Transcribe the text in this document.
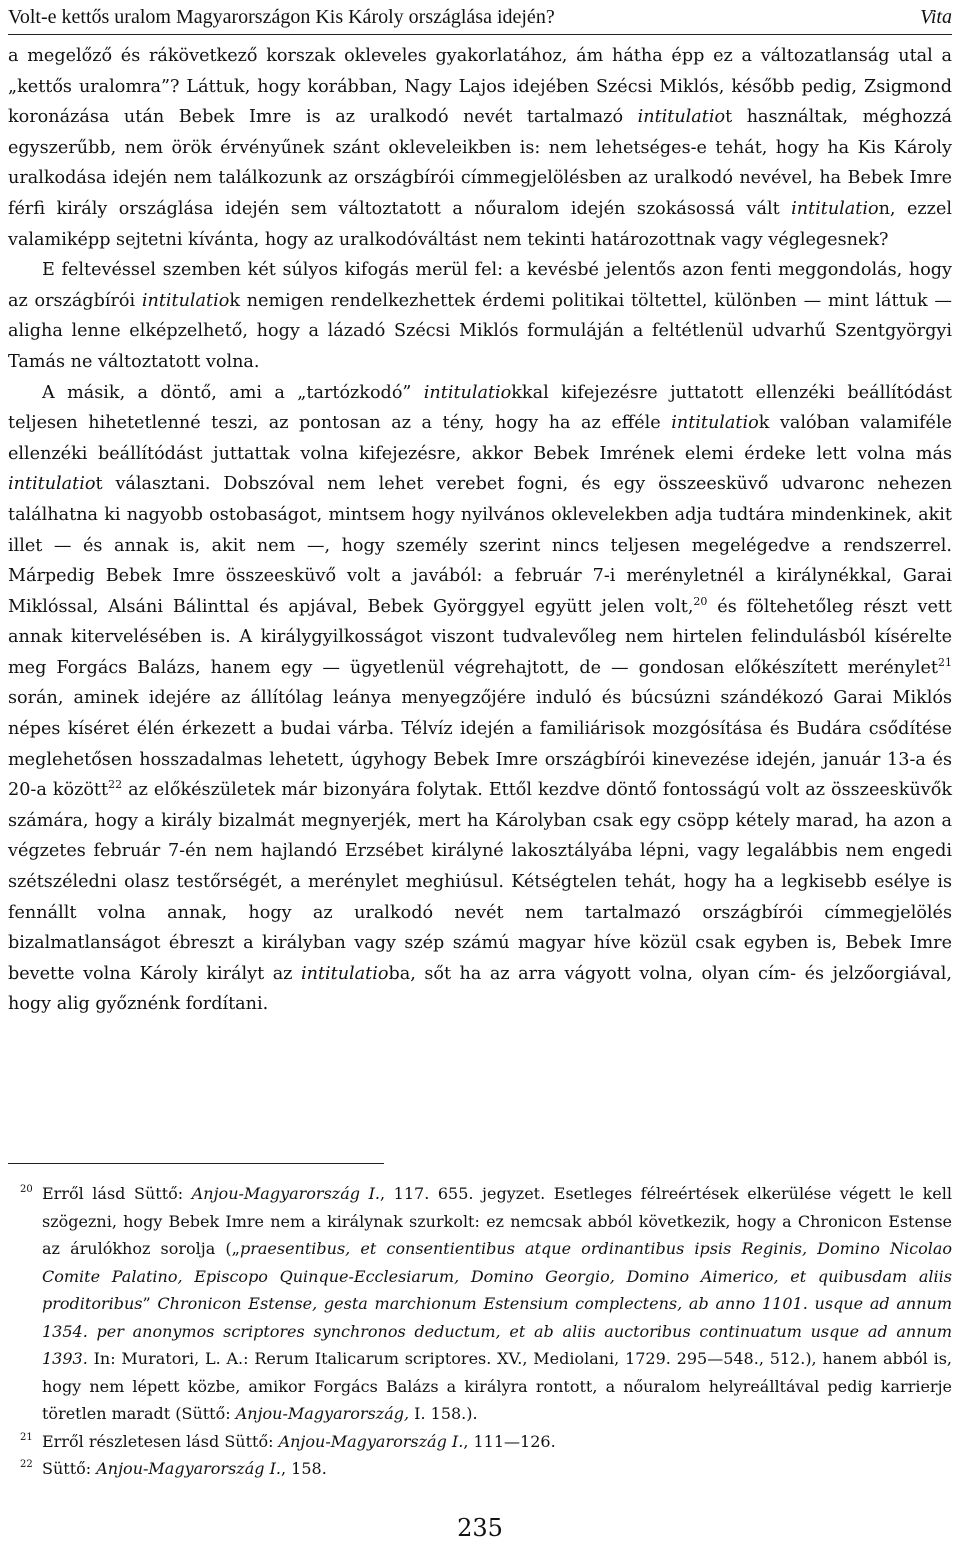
Volt-e kettős uralom Magyarországon Kis Károly országlása idején?	Vita

a megelőző és rákövetkező korszak okleveles gyakorlatához, ám hátha épp ez a változatlanság utal a „kettős uralomra”? Láttuk, hogy korábban, Nagy Lajos idejében Szécsi Miklós, később pedig, Zsigmond koronázása után Bebek Imre is az uralkodó nevét tartalmazó intitulatiot használtak, méghozzá egyszerűbb, nem örök érvényűnek szánt okleveleikben is: nem lehetséges-e tehát, hogy ha Kis Károly uralkodása idején nem találkozunk az országbírói címmegjelölésben az uralkodó nevével, ha Bebek Imre férfi király országlása idején sem változtatott a nőuralom idején szokásossá vált intitulation, ezzel valamiképp sejtetni kívánta, hogy az uralkodóváltást nem tekinti határozottnak vagy véglegesnek?

E feltevéssel szemben két súlyos kifogás merül fel: a kevésbé jelentős azon fenti meggondolás, hogy az országbírói intitulatiok nemigen rendelkezhettek érdemi politikai töltettel, különben — mint láttuk — aligha lenne elképzelhető, hogy a lázadó Szécsi Miklós formuláján a feltétlenül udvarhű Szentgyörgyi Tamás ne változtatott volna.

A másik, a döntő, ami a „tartózkodó” intitulatiokkal kifejezésre juttatott ellenzéki beállítódást teljesen hihetetlenné teszi, az pontosan az a tény, hogy ha az efféle intitulatiok valóban valamiféle ellenzéki beállítódást juttattak volna kifejezésre, akkor Bebek Imrének elemi érdeke lett volna más intitulatiot választani. Dobszóval nem lehet verebet fogni, és egy összeesküvő udvaronc nehezen találhatna ki nagyobb ostobaságot, mintsem hogy nyilvános oklevelekben adja tudtára mindenkinek, akit illet — és annak is, akit nem —, hogy személy szerint nincs teljesen megelégedve a rendszerrel. Márpedig Bebek Imre összeesküvő volt a javából: a február 7-i merényletnél a királynékkal, Garai Miklóssal, Alsáni Bálinttal és apjával, Bebek Györggyel együtt jelen volt,$^{20}$ és föltehetőleg részt vett annak kitervelésében is. A királygyilkosságot viszont tudvalevőleg nem hirtelen felindulásból kísérelte meg Forgács Balázs, hanem egy — ügyetlenül végrehajtott, de — gondosan előkészített merénylet$^{21}$ során, aminek idejére az állítólag leánya menyegzőjére induló és búcsúzni szándékozó Garai Miklós népes kíséret élén érkezett a budai várba. Télvíz idején a familiárisok mozgósítása és Budára csődítése meglehetősen hosszadalmas lehetett, úgyhogy Bebek Imre országbírói kinevezése idején, január 13-a és 20-a között$^{22}$ az előkészületek már bizonyára folytak. Ettől kezdve döntő fontosságú volt az összeesküvők számára, hogy a király bizalmát megnyerjék, mert ha Károlyban csak egy csöpp kétely marad, ha azon a végzetes február 7-én nem hajlandó Erzsébet királyné lakosztályába lépni, vagy legalábbis nem engedi szétszéledni olasz testőrségét, a merénylet meghiúsul. Kétségtelen tehát, hogy ha a legkisebb esélye is fennállt volna annak, hogy az uralkodó nevét nem tartalmazó országbírói címmegjelölés bizalmatlanságot ébreszt a királyban vagy szép számú magyar híve közül csak egyben is, Bebek Imre bevette volna Károly királyt az intitulatioba, sőt ha az arra vágyott volna, olyan cím- és jelzőorgiával, hogy alig győznénk fordítani.

20 Erről lásd Süttő: Anjou-Magyarország I., 117. 655. jegyzet. Esetleges félreértések elkerülése végett le kell szögezni, hogy Bebek Imre nem a királynak szurkolt: ez nemcsak abból következik, hogy a Chronicon Estense az árulókhoz sorolja („praesentibus, et consentientibus atque ordinantibus ipsis Reginis, Domino Nicolao Comite Palatino, Episcopo Quinque-Ecclesiarum, Domino Georgio, Domino Aimerico, et quibusdam aliis proditoribus” Chronicon Estense, gesta marchionum Estensium complectens, ab anno 1101. usque ad annum 1354. per anonymos scriptores synchronos deductum, et ab aliis auctoribus continuatum usque ad annum 1393. In: Muratori, L. A.: Rerum Italicarum scriptores. XV., Mediolani, 1729. 295—548., 512.), hanem abból is, hogy nem lépett közbe, amikor Forgács Balázs a királyra rontott, a nőuralom helyreálltával pedig karrierje töretlen maradt (Süttő: Anjou-Magyarország, I. 158.).

21 Erről részletesen lásd Süttő: Anjou-Magyarország I., 111—126.

22 Süttő: Anjou-Magyarország I., 158.

235
